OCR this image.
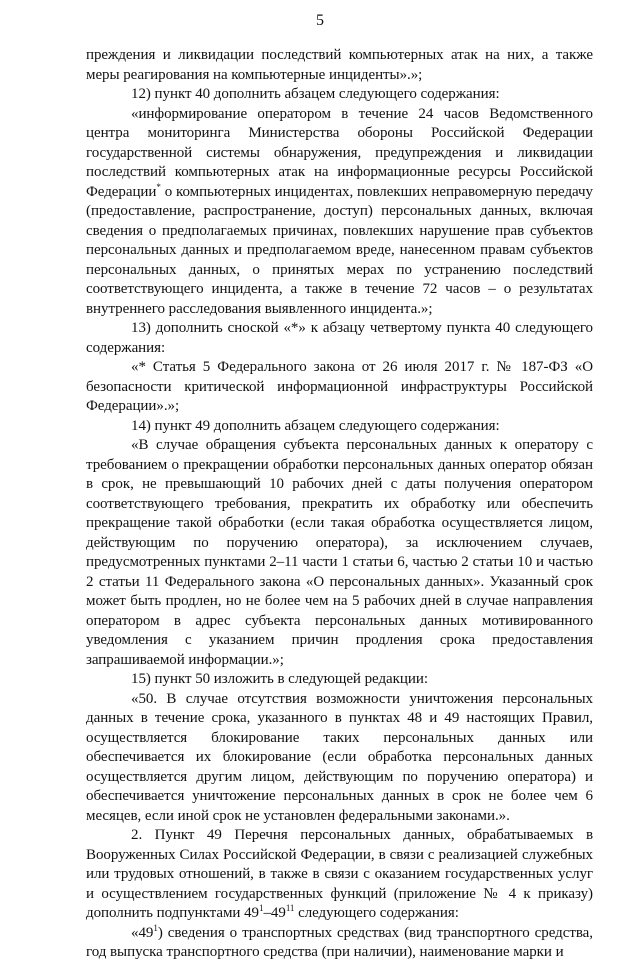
5

преждения и ликвидации последствий компьютерных атак на них, а также меры реагирования на компьютерные инциденты».»;

12) пункт 40 дополнить абзацем следующего содержания:

«информирование оператором в течение 24 часов Ведомственного центра мониторинга Министерства обороны Российской Федерации государственной системы обнаружения, предупреждения и ликвидации последствий компьютерных атак на информационные ресурсы Российской Федерации* о компьютерных инцидентах, повлекших неправомерную передачу (предоставление, распространение, доступ) персональных данных, включая сведения о предполагаемых причинах, повлекших нарушение прав субъектов персональных данных и предполагаемом вреде, нанесенном правам субъектов персональных данных, о принятых мерах по устранению последствий соответствующего инцидента, а также в течение 72 часов – о результатах внутреннего расследования выявленного инцидента.»;

13) дополнить сноской «*» к абзацу четвертому пункта 40 следующего содержания:

«* Статья 5 Федерального закона от 26 июля 2017 г. № 187-ФЗ «О безопасности критической информационной инфраструктуры Российской Федерации».»;

14) пункт 49 дополнить абзацем следующего содержания:

«В случае обращения субъекта персональных данных к оператору с требованием о прекращении обработки персональных данных оператор обязан в срок, не превышающий 10 рабочих дней с даты получения оператором соответствующего требования, прекратить их обработку или обеспечить прекращение такой обработки (если такая обработка осуществляется лицом, действующим по поручению оператора), за исключением случаев, предусмотренных пунктами 2–11 части 1 статьи 6, частью 2 статьи 10 и частью 2 статьи 11 Федерального закона «О персональных данных». Указанный срок может быть продлен, но не более чем на 5 рабочих дней в случае направления оператором в адрес субъекта персональных данных мотивированного уведомления с указанием причин продления срока предоставления запрашиваемой информации.»;

15) пункт 50 изложить в следующей редакции:

«50. В случае отсутствия возможности уничтожения персональных данных в течение срока, указанного в пунктах 48 и 49 настоящих Правил, осуществляется блокирование таких персональных данных или обеспечивается их блокирование (если обработка персональных данных осуществляется другим лицом, действующим по поручению оператора) и обеспечивается уничтожение персональных данных в срок не более чем 6 месяцев, если иной срок не установлен федеральными законами.».

2. Пункт 49 Перечня персональных данных, обрабатываемых в Вооруженных Силах Российской Федерации, в связи с реализацией служебных или трудовых отношений, в также в связи с оказанием государственных услуг и осуществлением государственных функций (приложение № 4 к приказу) дополнить подпунктами $49^1-49^{11}$ следующего содержания:

«$49^1$) сведения о транспортных средствах (вид транспортного средства, год выпуска транспортного средства (при наличии), наименование марки и
